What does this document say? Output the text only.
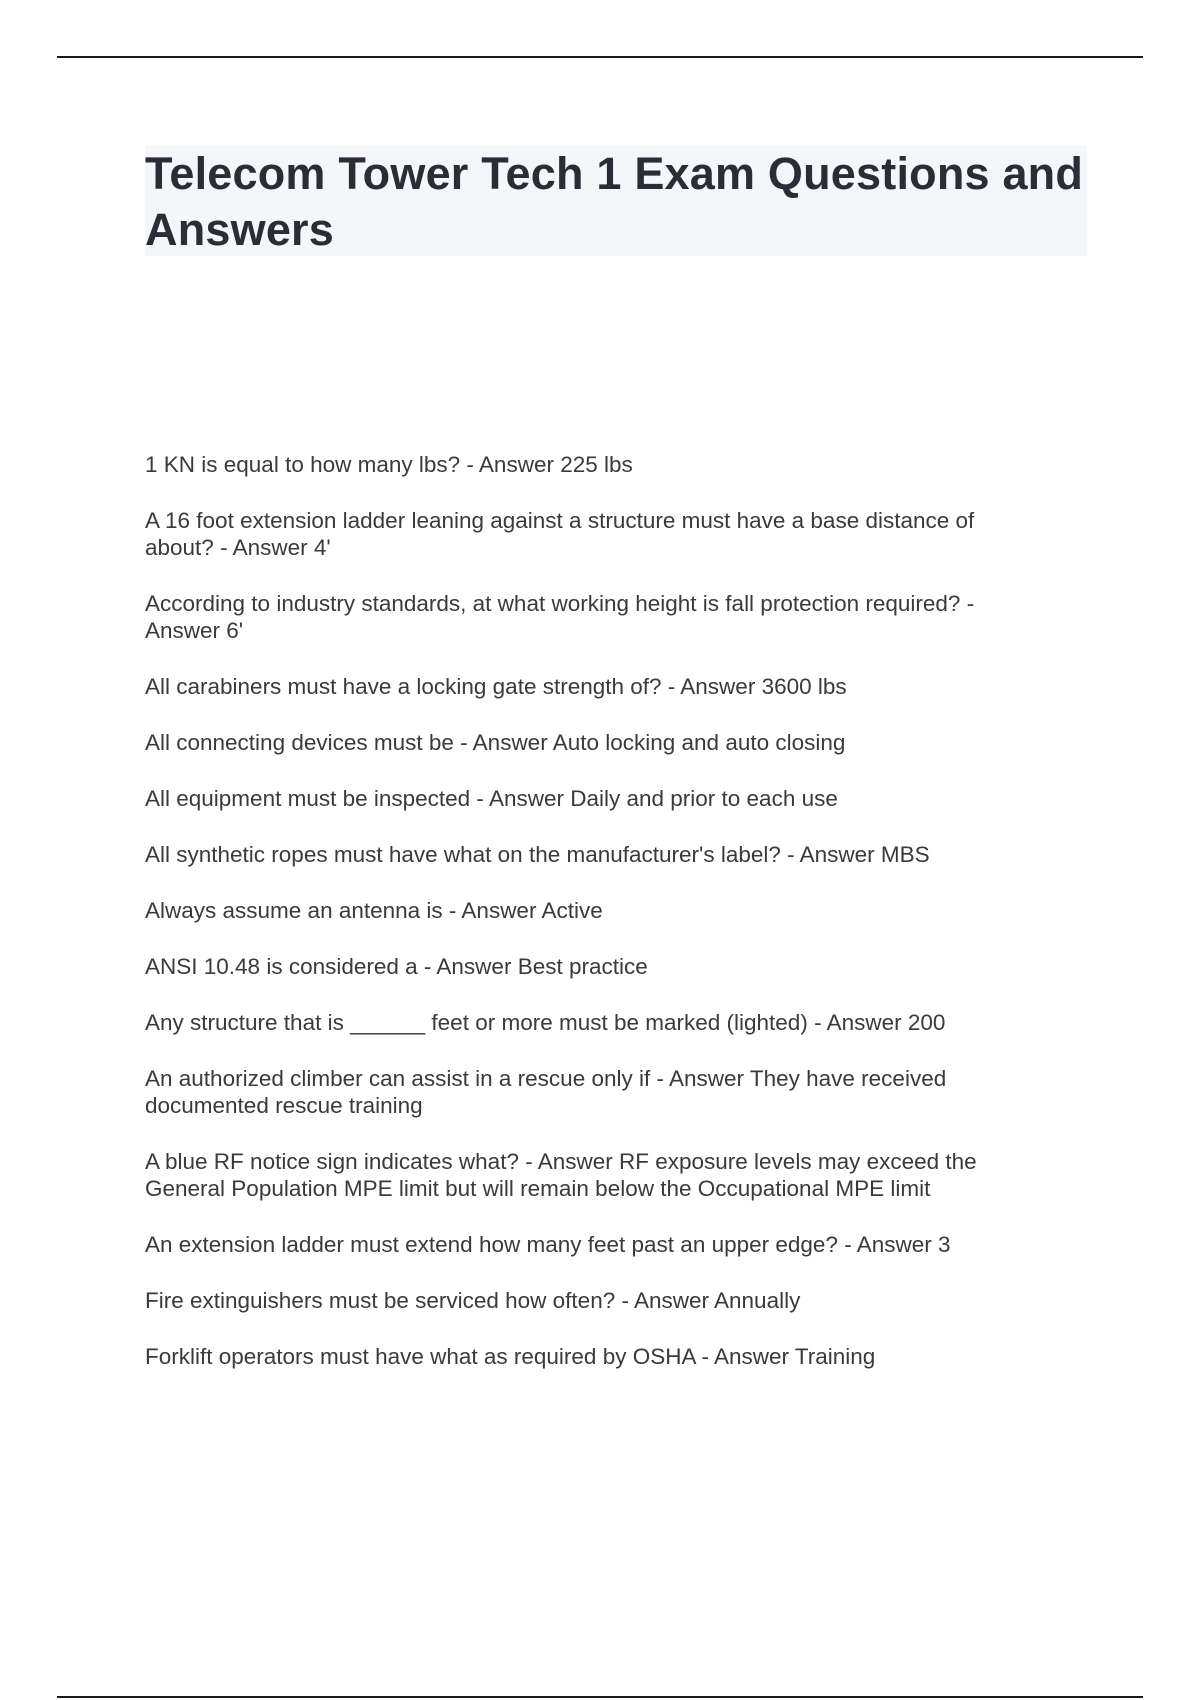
Telecom Tower Tech 1 Exam Questions and Answers
1 KN is equal to how many lbs? - Answer 225 lbs
A 16 foot extension ladder leaning against a structure must have a base distance of about? - Answer 4'
According to industry standards, at what working height is fall protection required? - Answer 6'
All carabiners must have a locking gate strength of? - Answer 3600 lbs
All connecting devices must be - Answer Auto locking and auto closing
All equipment must be inspected - Answer Daily and prior to each use
All synthetic ropes must have what on the manufacturer's label? - Answer MBS
Always assume an antenna is - Answer Active
ANSI 10.48 is considered a - Answer Best practice
Any structure that is ______ feet or more must be marked (lighted) - Answer 200
An authorized climber can assist in a rescue only if - Answer They have received documented rescue training
A blue RF notice sign indicates what? - Answer RF exposure levels may exceed the General Population MPE limit but will remain below the Occupational MPE limit
An extension ladder must extend how many feet past an upper edge? - Answer 3
Fire extinguishers must be serviced how often? - Answer Annually
Forklift operators must have what as required by OSHA - Answer Training
